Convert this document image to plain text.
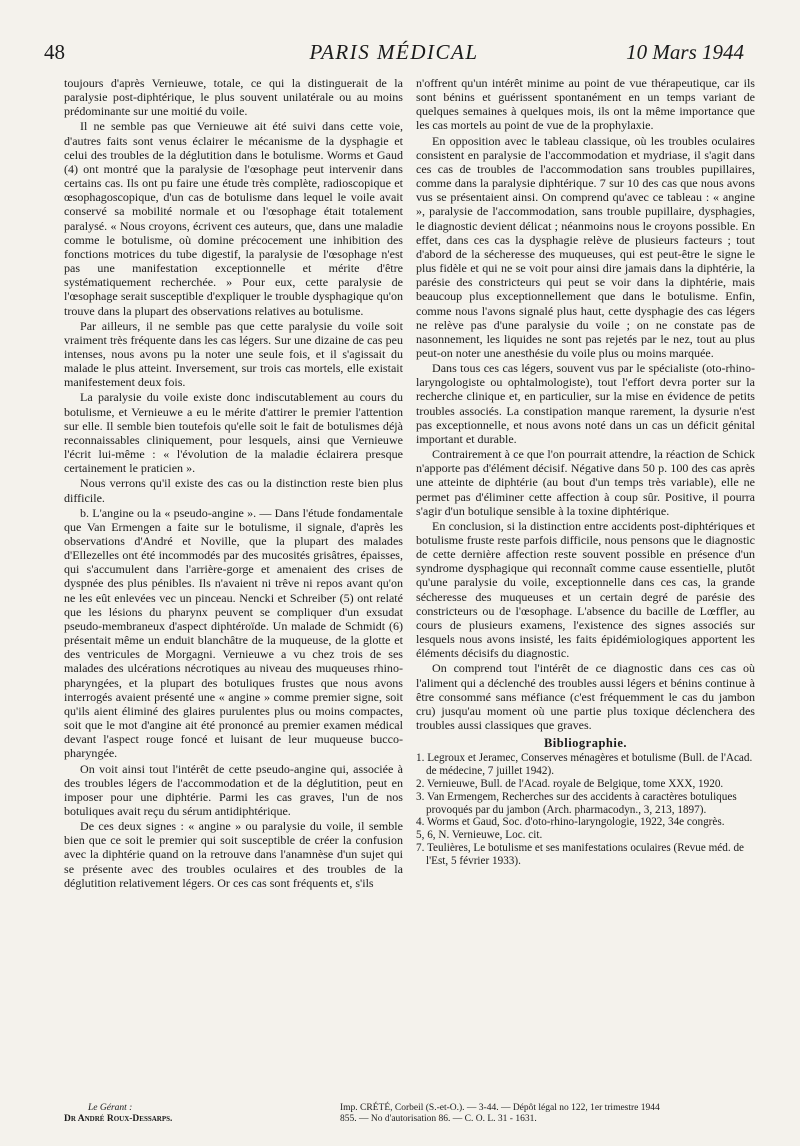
48	PARIS MÉDICAL	10 Mars 1944

toujours d'après Vernieuwe, totale, ce qui la distinguerait de la paralysie post-diphtérique, le plus souvent unilatérale ou au moins prédominante sur une moitié du voile.

Il ne semble pas que Vernieuwe ait été suivi dans cette voie, d'autres faits sont venus éclairer le mécanisme de la dysphagie et celui des troubles de la déglutition dans le botulisme. Worms et Gaud (4) ont montré que la paralysie de l'œsophage peut intervenir dans certains cas. Ils ont pu faire une étude très complète, radioscopique et œsophagoscopique, d'un cas de botulisme dans lequel le voile avait conservé sa mobilité normale et ou l'œsophage était totalement paralysé. « Nous croyons, écrivent ces auteurs, que, dans une maladie comme le botulisme, où domine précocement une inhibition des fonctions motrices du tube digestif, la paralysie de l'œsophage n'est pas une manifestation exceptionnelle et mérite d'être systématiquement recherchée. » Pour eux, cette paralysie de l'œsophage serait susceptible d'expliquer le trouble dysphagique qu'on trouve dans la plupart des observations relatives au botulisme.

Par ailleurs, il ne semble pas que cette paralysie du voile soit vraiment très fréquente dans les cas légers. Sur une dizaine de cas peu intenses, nous avons pu la noter une seule fois, et il s'agissait du malade le plus atteint. Inversement, sur trois cas mortels, elle existait manifestement deux fois.

La paralysie du voile existe donc indiscutablement au cours du botulisme, et Vernieuwe a eu le mérite d'attirer le premier l'attention sur elle. Il semble bien toutefois qu'elle soit le fait de botulismes déjà reconnaissables cliniquement, pour lesquels, ainsi que Vernieuwe l'écrit lui-même : « l'évolution de la maladie éclairera presque certainement le praticien ».

Nous verrons qu'il existe des cas ou la distinction reste bien plus difficile.

b. L'angine ou la « pseudo-angine ». — Dans l'étude fondamentale que Van Ermengen a faite sur le botulisme, il signale, d'après les observations d'André et Noville, que la plupart des malades d'Ellezelles ont été incommodés par des mucosités grisâtres, épaisses, qui s'accumulent dans l'arrière-gorge et amenaient des crises de dyspnée des plus pénibles. Ils n'avaient ni trêve ni repos avant qu'on ne les eût enlevées vec un pinceau. Nencki et Schreiber (5) ont relaté que les lésions du pharynx peuvent se compliquer d'un exsudat pseudo-membraneux d'aspect diphtéroïde. Un malade de Schmidt (6) présentait même un enduit blanchâtre de la muqueuse, de la glotte et des ventricules de Morgagni. Vernieuwe a vu chez trois de ses malades des ulcérations nécrotiques au niveau des muqueuses rhino-pharyngées, et la plupart des botuliques frustes que nous avons interrogés avaient présenté une « angine » comme premier signe, soit qu'ils aient éliminé des glaires purulentes plus ou moins compactes, soit que le mot d'angine ait été prononcé au premier examen médical devant l'aspect rouge foncé et luisant de leur muqueuse bucco-pharyngée.

On voit ainsi tout l'intérêt de cette pseudo-angine qui, associée à des troubles légers de l'accommodation et de la déglutition, peut en imposer pour une diphtérie. Parmi les cas graves, l'un de nos botuliques avait reçu du sérum antidiphtérique.

De ces deux signes : « angine » ou paralysie du voile, il semble bien que ce soit le premier qui soit susceptible de créer la confusion avec la diphtérie quand on la retrouve dans l'anamnèse d'un sujet qui se présente avec des troubles oculaires et des troubles de la déglutition relativement légers. Or ces cas sont fréquents et, s'ils

n'offrent qu'un intérêt minime au point de vue thérapeutique, car ils sont bénins et guérissent spontanément en un temps variant de quelques semaines à quelques mois, ils ont la même importance que les cas mortels au point de vue de la prophylaxie.

En opposition avec le tableau classique, où les troubles oculaires consistent en paralysie de l'accommodation et mydriase, il s'agit dans ces cas de troubles de l'accommodation sans troubles pupillaires, comme dans la paralysie diphtérique. 7 sur 10 des cas que nous avons vus se présentaient ainsi. On comprend qu'avec ce tableau : « angine », paralysie de l'accommodation, sans trouble pupillaire, dysphagies, le diagnostic devient délicat ; néanmoins nous le croyons possible. En effet, dans ces cas la dysphagie relève de plusieurs facteurs ; tout d'abord de la sécheresse des muqueuses, qui est peut-être le signe le plus fidèle et qui ne se voit pour ainsi dire jamais dans la diphtérie, la parésie des constricteurs qui peut se voir dans la diphtérie, mais beaucoup plus exceptionnellement que dans le botulisme. Enfin, comme nous l'avons signalé plus haut, cette dysphagie des cas légers ne relève pas d'une paralysie du voile ; on ne constate pas de nasonnement, les liquides ne sont pas rejetés par le nez, tout au plus peut-on noter une anesthésie du voile plus ou moins marquée.

Dans tous ces cas légers, souvent vus par le spécialiste (oto-rhino-laryngologiste ou ophtalmologiste), tout l'effort devra porter sur la recherche clinique et, en particulier, sur la mise en évidence de petits troubles associés. La constipation manque rarement, la dysurie n'est pas exceptionnelle, et nous avons noté dans un cas un déficit génital important et durable.

Contrairement à ce que l'on pourrait attendre, la réaction de Schick n'apporte pas d'élément décisif. Négative dans 50 p. 100 des cas après une atteinte de diphtérie (au bout d'un temps très variable), elle ne permet pas d'éliminer cette affection à coup sûr. Positive, il pourra s'agir d'un botulique sensible à la toxine diphtérique.

En conclusion, si la distinction entre accidents post-diphtériques et botulisme fruste reste parfois difficile, nous pensons que le diagnostic de cette dernière affection reste souvent possible en présence d'un syndrome dysphagique qui reconnaît comme cause essentielle, plutôt qu'une paralysie du voile, exceptionnelle dans ces cas, la grande sécheresse des muqueuses et un certain degré de parésie des constricteurs ou de l'œsophage. L'absence du bacille de Lœffler, au cours de plusieurs examens, l'existence des signes associés sur lesquels nous avons insisté, les faits épidémiologiques apportent les éléments décisifs du diagnostic.

On comprend tout l'intérêt de ce diagnostic dans ces cas où l'aliment qui a déclenché des troubles aussi légers et bénins continue à être consommé sans méfiance (c'est fréquemment le cas du jambon cru) jusqu'au moment où une partie plus toxique déclenchera des troubles aussi classiques que graves.

Bibliographie.
1. Legroux et Jeramec, Conserves ménagères et botulisme (Bull. de l'Acad. de médecine, 7 juillet 1942).
2. Vernieuwe, Bull. de l'Acad. royale de Belgique, tome XXX, 1920.
3. Van Ermengem, Recherches sur des accidents à caractères botuliques provoqués par du jambon (Arch. pharmacodyn., 3, 213, 1897).
4. Worms et Gaud, Soc. d'oto-rhino-laryngologie, 1922, 34e congrès.
5, 6, N. Vernieuwe, Loc. cit.
7. Teulières, Le botulisme et ses manifestations oculaires (Revue méd. de l'Est, 5 février 1933).
Le Gérant :
Dr André Roux-Dessarps.
Imp. CRÉTÉ, Corbeil (S.-et-O.). — 3-44. — Dépôt légal no 122, 1er trimestre 1944
855. — No d'autorisation 86. — C. O. L. 31 - 1631.
